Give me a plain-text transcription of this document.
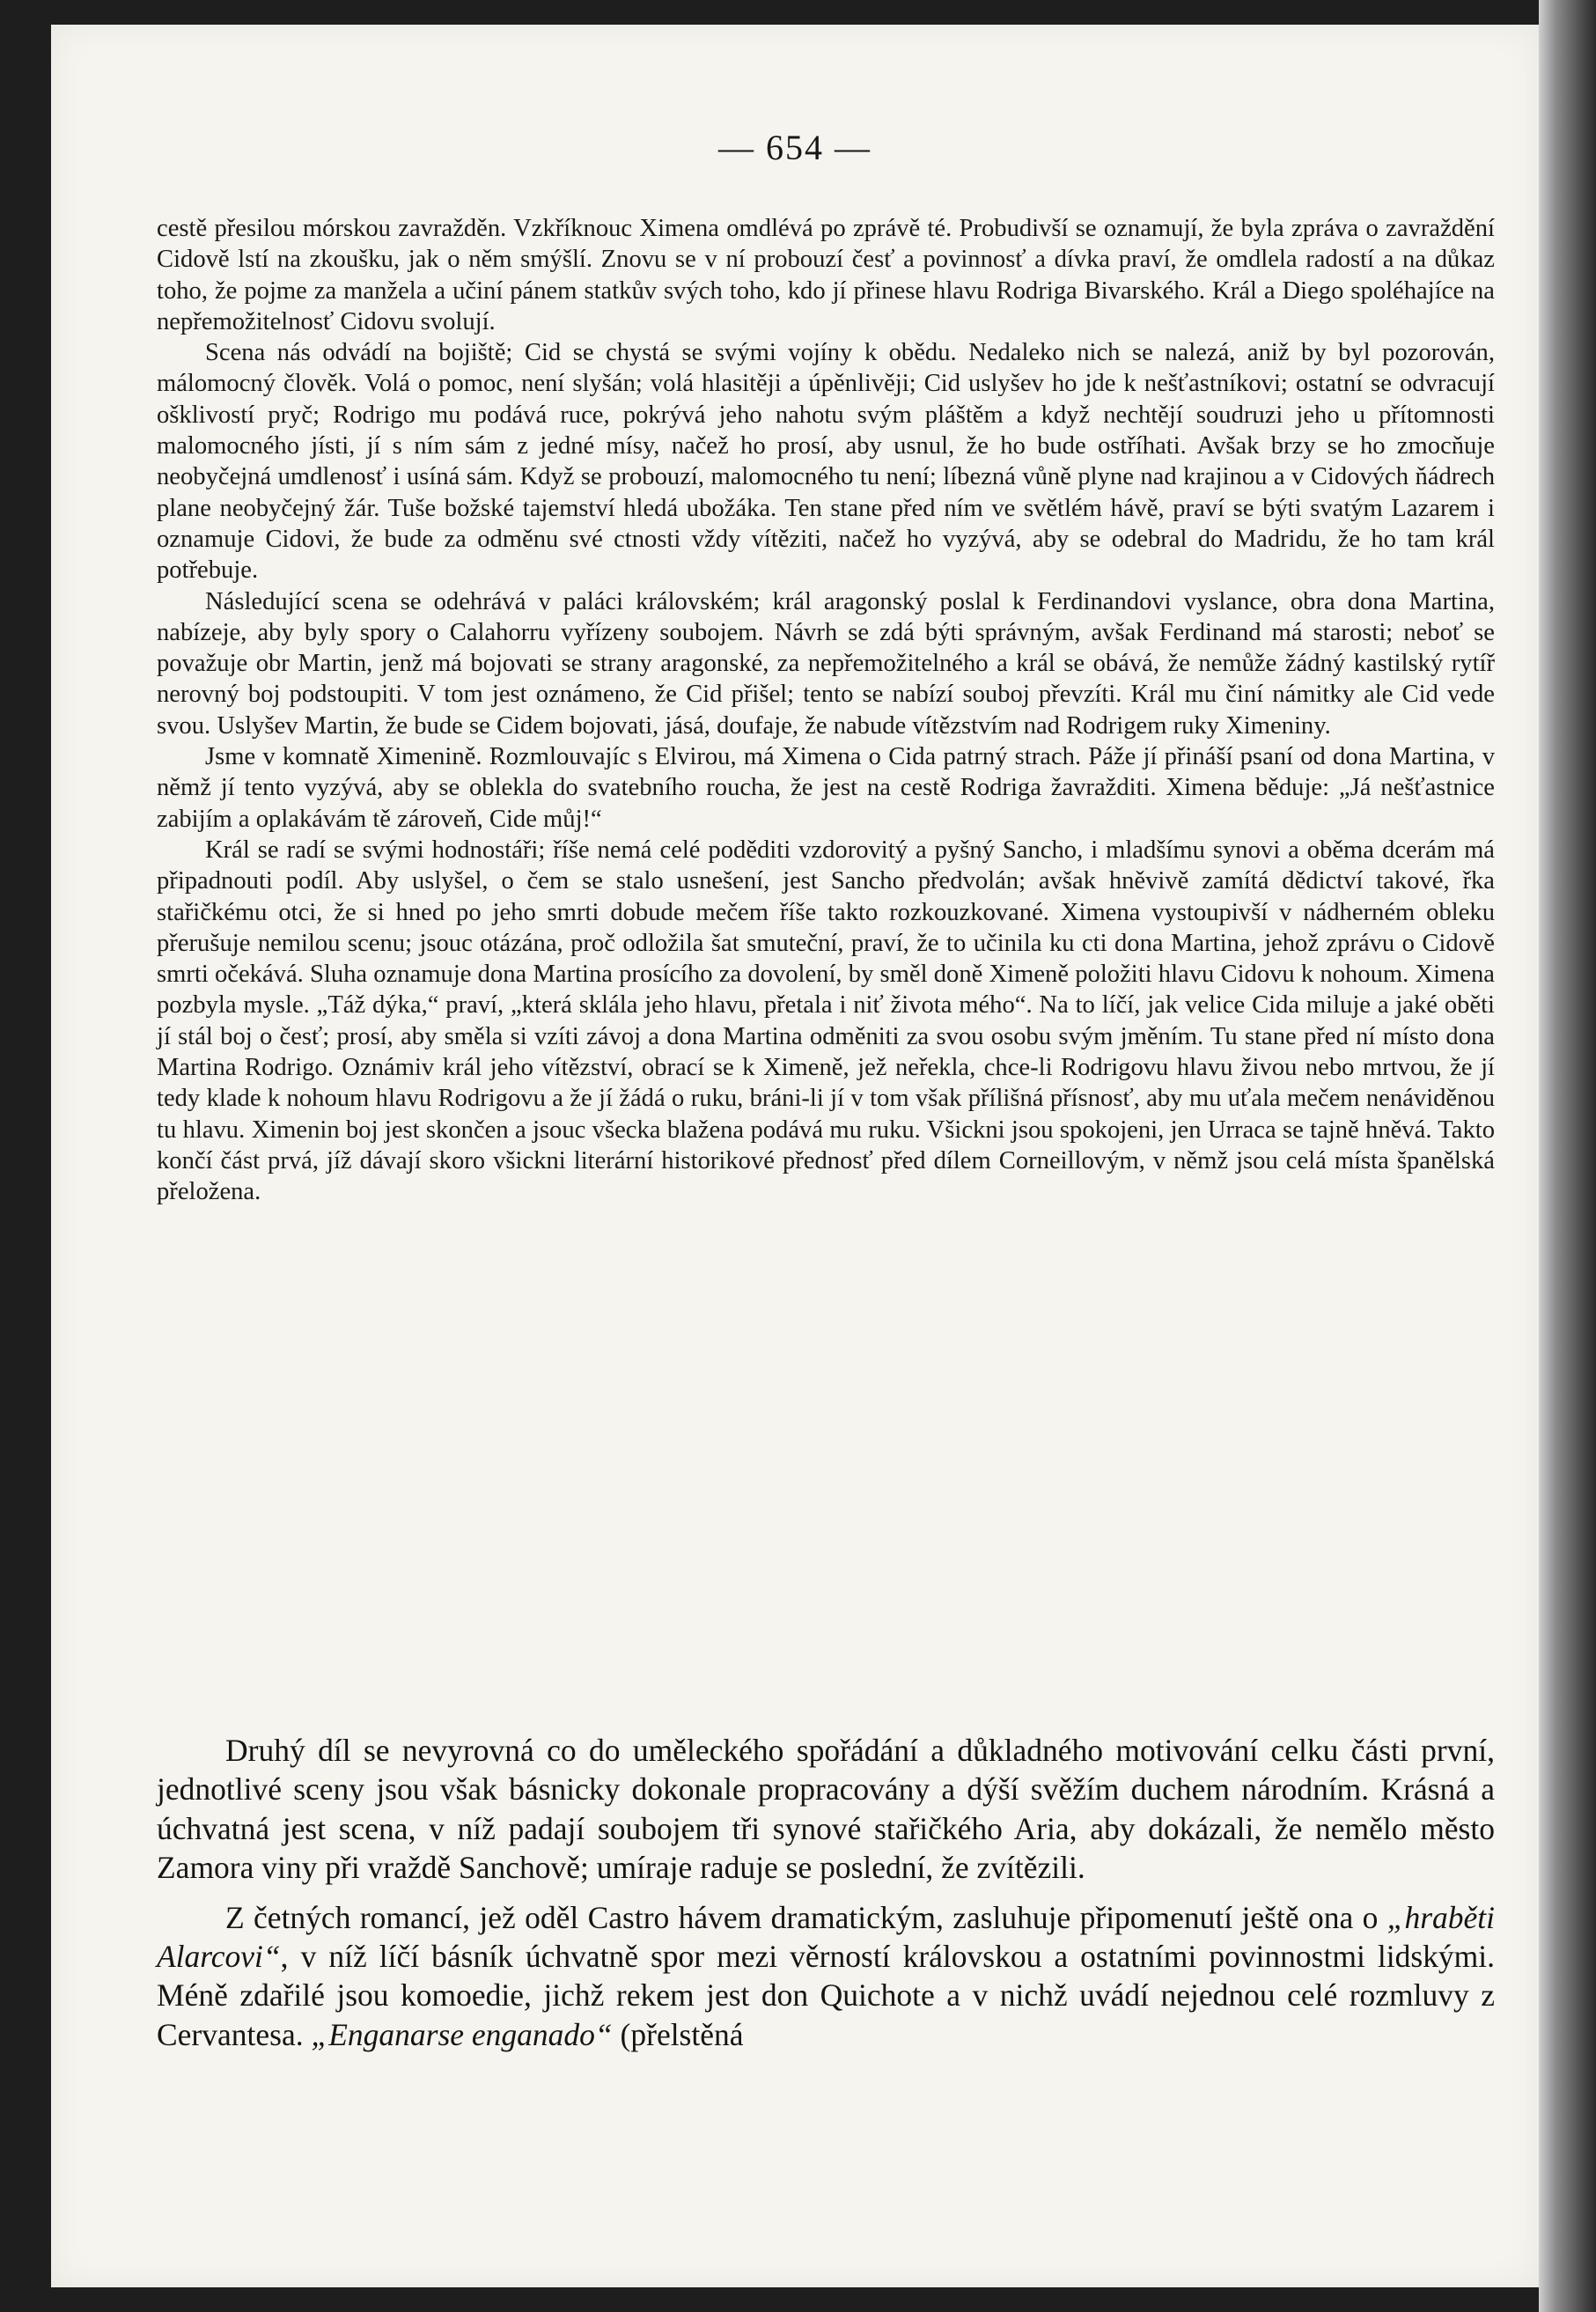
— 654 —

cestě přesilou mórskou zavražděn. Vzkříknouc Ximena omdlévá po zprávě té. Probudivší se oznamují, že byla zpráva o zavraždění Cidově lstí na zkoušku, jak o něm smýšlí. Znovu se v ní probouzí česť a povinnosť a dívka praví, že omdlela radostí a na důkaz toho, že pojme za manžela a učiní pánem statkův svých toho, kdo jí přinese hlavu Rodriga Bivarského. Král a Diego spoléhajíce na nepřemožitelnosť Cidovu svolují.

Scena nás odvádí na bojiště; Cid se chystá se svými vojíny k obědu. Nedaleko nich se nalezá, aniž by byl pozorován, málomocný člověk. Volá o pomoc, není slyšán; volá hlasitěji a úpěnlivěji; Cid uslyšev ho jde k nešťastníkovi; ostatní se odvracují ošklivostí pryč; Rodrigo mu podává ruce, pokrývá jeho nahotu svým pláštěm a když nechtějí soudruzi jeho u přítomnosti malomocného jísti, jí s ním sám z jedné mísy, načež ho prosí, aby usnul, že ho bude ostříhati. Avšak brzy se ho zmocňuje neobyčejná umdlenosť i usíná sám. Když se probouzí, malomocného tu není; líbezná vůně plyne nad krajinou a v Cidových ňádrech plane neobyčejný žár. Tuše božské tajemství hledá ubožáka. Ten stane před ním ve světlém hávě, praví se býti svatým Lazarem i oznamuje Cidovi, že bude za odměnu své ctnosti vždy vítěziti, načež ho vyzývá, aby se odebral do Madridu, že ho tam král potřebuje.

Následující scena se odehrává v paláci královském; král aragonský poslal k Ferdinandovi vyslance, obra dona Martina, nabízeje, aby byly spory o Calahorru vyřízeny soubojem. Návrh se zdá býti správným, avšak Ferdinand má starosti; neboť se považuje obr Martin, jenž má bojovati se strany aragonské, za nepřemožitelného a král se obává, že nemůže žádný kastilský rytíř nerovný boj podstoupiti. V tom jest oznámeno, že Cid přišel; tento se nabízí souboj převzíti. Král mu činí námitky ale Cid vede svou. Uslyšev Martin, že bude se Cidem bojovati, jásá, doufaje, že nabude vítězstvím nad Rodrigem ruky Ximeniny.

Jsme v komnatě Ximenině. Rozmlouvajíc s Elvirou, má Ximena o Cida patrný strach. Páže jí přináší psaní od dona Martina, v němž jí tento vyzývá, aby se oblekla do svatebního roucha, že jest na cestě Rodriga žavražditi. Ximena běduje: „Já nešťastnice zabijím a oplakávám tě zároveň, Cide můj!“

Král se radí se svými hodnostáři; říše nemá celé poděditi vzdorovitý a pyšný Sancho, i mladšímu synovi a oběma dcerám má připadnouti podíl. Aby uslyšel, o čem se stalo usnešení, jest Sancho předvolán; avšak hněvivě zamítá dědictví takové, řka stařičkému otci, že si hned po jeho smrti dobude mečem říše takto rozkouzkované. Ximena vystoupivší v nádherném obleku přerušuje nemilou scenu; jsouc otázána, proč odložila šat smuteční, praví, že to učinila ku cti dona Martina, jehož zprávu o Cidově smrti očekává. Sluha oznamuje dona Martina prosícího za dovolení, by směl doně Ximeně položiti hlavu Cidovu k nohoum. Ximena pozbyla mysle. „Táž dýka,“ praví, „která sklála jeho hlavu, přetala i niť života mého“. Na to líčí, jak velice Cida miluje a jaké oběti jí stál boj o česť; prosí, aby směla si vzíti závoj a dona Martina odměniti za svou osobu svým jměním. Tu stane před ní místo dona Martina Rodrigo. Oznámiv král jeho vítězství, obrací se k Ximeně, jež neřekla, chce-li Rodrigovu hlavu živou nebo mrtvou, že jí tedy klade k nohoum hlavu Rodrigovu a že jí žádá o ruku, bráni-li jí v tom však přílišná přísnosť, aby mu uťala mečem nenáviděnou tu hlavu. Ximenin boj jest skončen a jsouc všecka blažena podává mu ruku. Všickni jsou spokojeni, jen Urraca se tajně hněvá. Takto končí část prvá, jíž dávají skoro všickni literární historikové přednosť před dílem Corneillovým, v němž jsou celá místa španělská přeložena.

Druhý díl se nevyrovná co do uměleckého spořádání a důkladného motivování celku části první, jednotlivé sceny jsou však básnicky dokonale propracovány a dýší svěžím duchem národním. Krásná a úchvatná jest scena, v níž padají soubojem tři synové stařičkého Aria, aby dokázali, že nemělo město Zamora viny při vraždě Sanchově; umíraje raduje se poslední, že zvítězili.

Z četných romancí, jež oděl Castro hávem dramatickým, zasluhuje připomenutí ještě ona o „hraběti Alarcovi“, v níž líčí básník úchvatně spor mezi věrností královskou a ostatními povinnostmi lidskými. Méně zdařilé jsou komoedie, jichž rekem jest don Quichote a v nichž uvádí nejednou celé rozmluvy z Cervantesa. „Enganarse enganado“ (přelstěná
